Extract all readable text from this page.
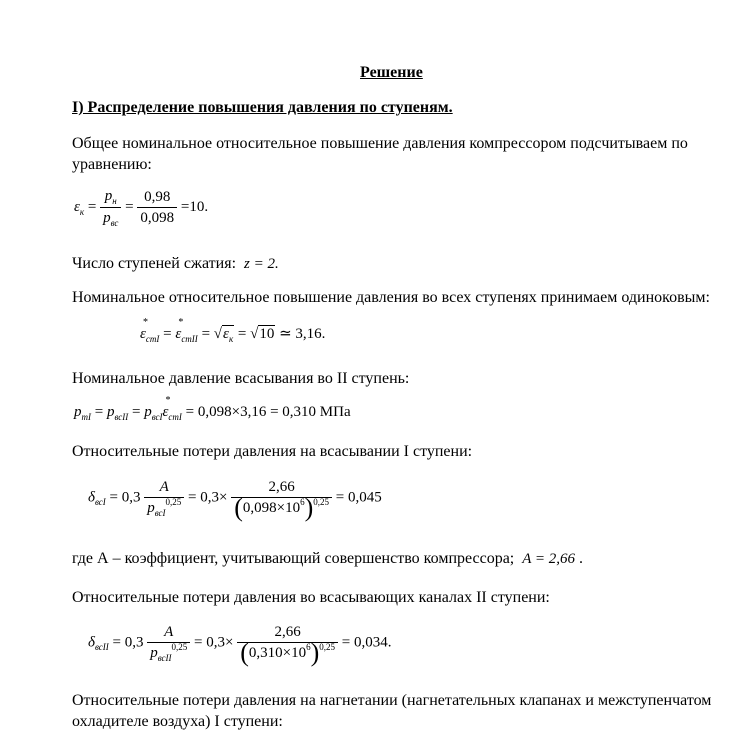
Решение
I) Распределение повышения давления по ступеням.
Общее номинальное относительное повышение давления компрессором подсчитываем по уравнению:
$\varepsilon_к = \frac{p_н}{p_{вс}} = \frac{0,98}{0,098} =10$.
Число ступеней сжатия: z = 2.
Номинальное относительное повышение давления во всех ступенях принимаем одиноковым:
*
$\varepsilon_{стI}$ =
*
$\varepsilon_{стII} = √\varepsilon_к = √10$ ≃ 3,16.
Номинальное давление всасывания во II ступень:
$p_{mI} = p_{всII} = p_{всI}$
*
$\varepsilon_{стI} = 0,098\times 3,16 = 0,310$ МПа
Относительные потери давления на всасывании I ступени:
$\delta_{всI} = 0,3 \frac{A}{p_{всI}^{0,25}} = 0,3\times \frac{2,66}{(0,098\times 10^6)^{0,25}} = 0,045$
где А – коэффициент, учитывающий совершенство компрессора; A = 2,66 .
Относительные потери давления во всасывающих каналах II ступени:
$\delta_{всII} = 0,3 \frac{A}{p_{всII}^{0,25}} = 0,3\times \frac{2,66}{(0,310\times 10^6)^{0,25}} = 0,034$.
Относительные потери давления на нагнетании (нагнетательных клапанах и межступенчатом охладителе воздуха) I ступени:
